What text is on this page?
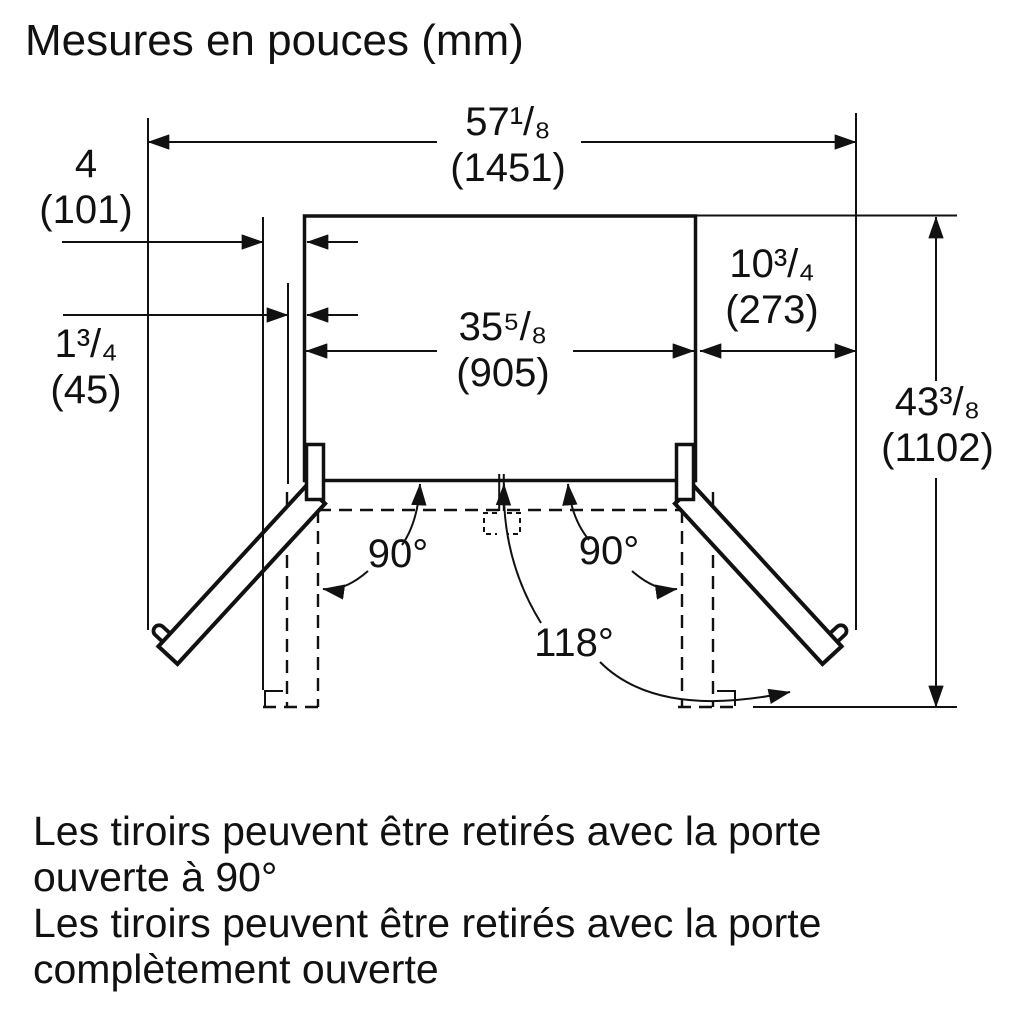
Mesures en pouces (mm)
57¹/₈
(1451)
4
(101)
1³/₄
(45)
35⁵/₈
(905)
10³/₄
(273)
43³/₈
(1102)
90°	90°
118°
Les tiroirs peuvent être retirés avec la porte
ouverte à 90°
Les tiroirs peuvent être retirés avec la porte
complètement ouverte
